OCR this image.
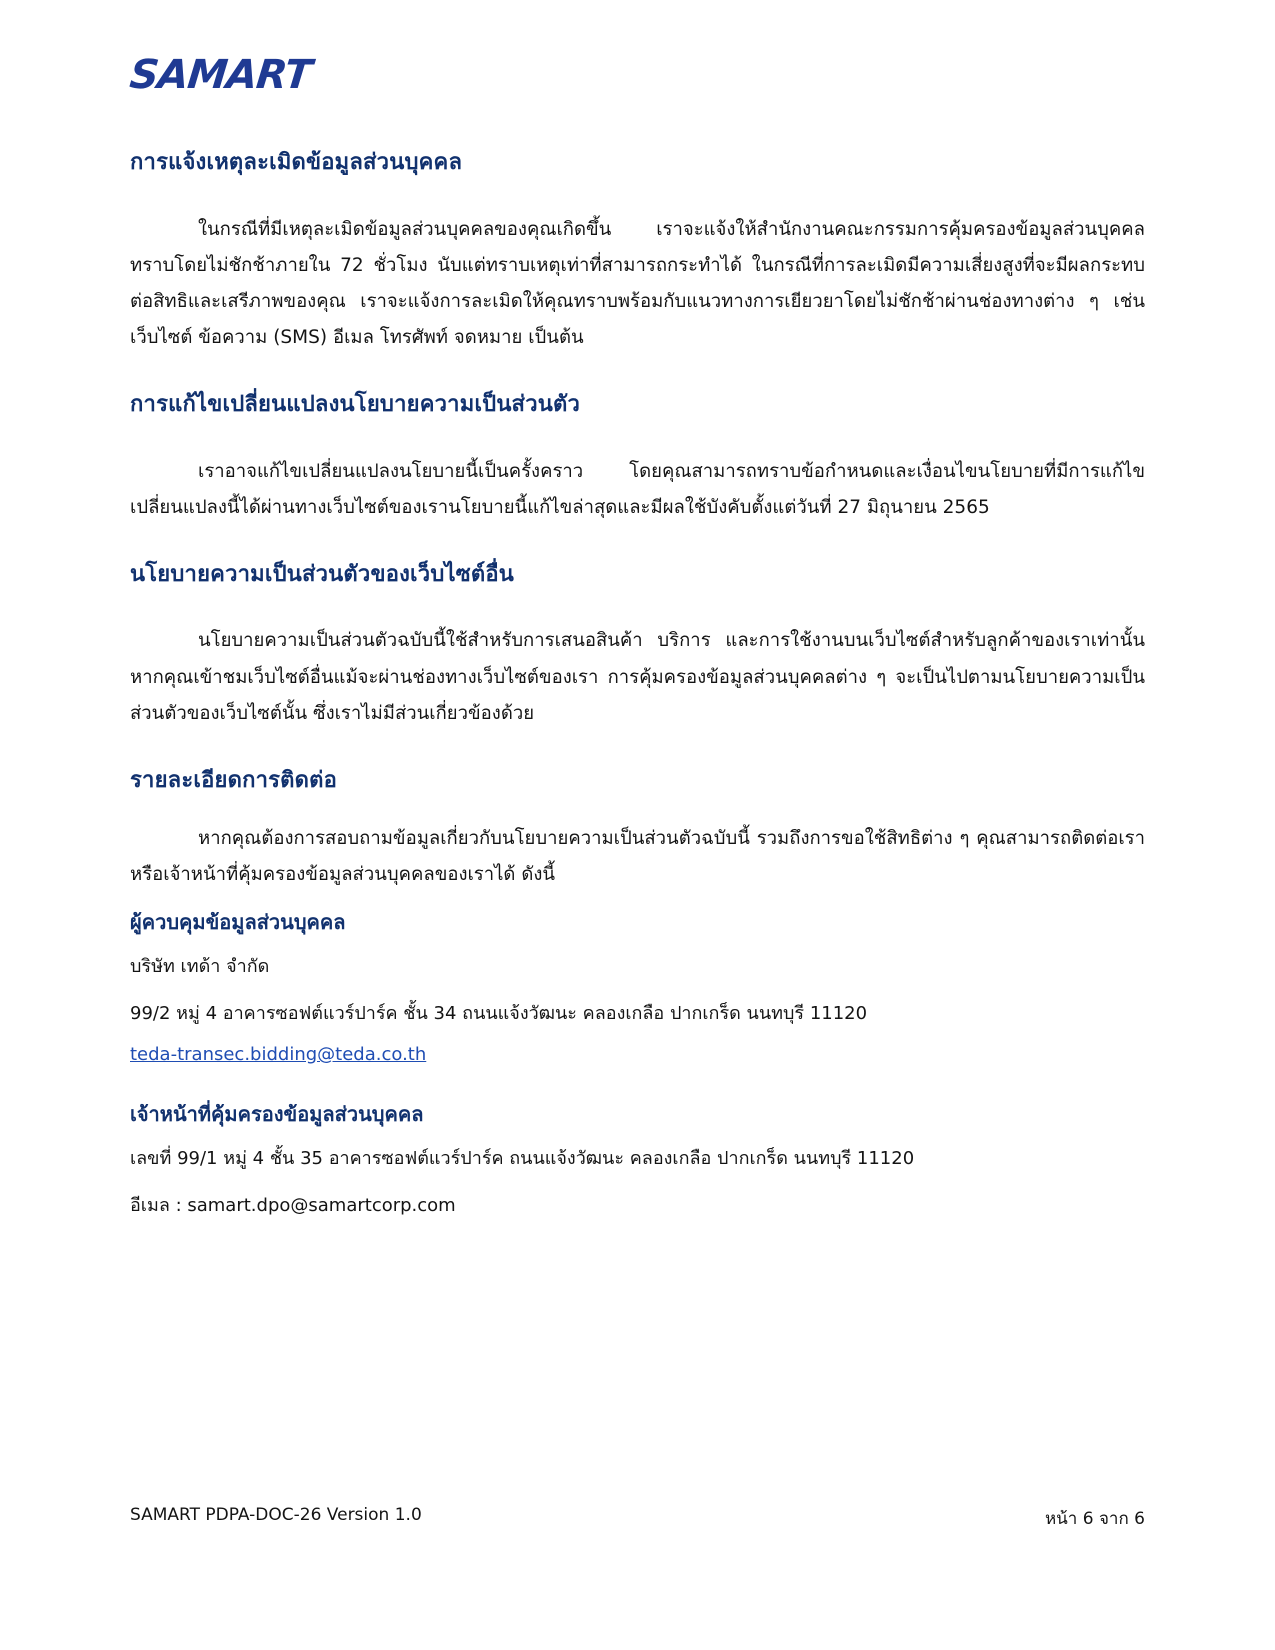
SAMART
การแจ้งเหตุละเมิดข้อมูลส่วนบุคคล

ในกรณีที่มีเหตุละเมิดข้อมูลส่วนบุคคลของคุณเกิดขึ้น เราจะแจ้งให้สำนักงานคณะกรรมการคุ้มครองข้อมูลส่วนบุคคลทราบโดยไม่ชักช้าภายใน 72 ชั่วโมง นับแต่ทราบเหตุเท่าที่สามารถกระทำได้ ในกรณีที่การละเมิดมีความเสี่ยงสูงที่จะมีผลกระทบต่อสิทธิและเสรีภาพของคุณ เราจะแจ้งการละเมิดให้คุณทราบพร้อมกับแนวทางการเยียวยาโดยไม่ชักช้าผ่านช่องทางต่าง ๆ เช่น เว็บไซต์ ข้อความ (SMS) อีเมล โทรศัพท์ จดหมาย เป็นต้น

การแก้ไขเปลี่ยนแปลงนโยบายความเป็นส่วนตัว

เราอาจแก้ไขเปลี่ยนแปลงนโยบายนี้เป็นครั้งคราว โดยคุณสามารถทราบข้อกำหนดและเงื่อนไขนโยบายที่มีการแก้ไขเปลี่ยนแปลงนี้ได้ผ่านทางเว็บไซต์ของเรานโยบายนี้แก้ไขล่าสุดและมีผลใช้บังคับตั้งแต่วันที่ 27 มิถุนายน 2565

นโยบายความเป็นส่วนตัวของเว็บไซต์อื่น

นโยบายความเป็นส่วนตัวฉบับนี้ใช้สำหรับการเสนอสินค้า บริการ และการใช้งานบนเว็บไซต์สำหรับลูกค้าของเราเท่านั้น หากคุณเข้าชมเว็บไซต์อื่นแม้จะผ่านช่องทางเว็บไซต์ของเรา การคุ้มครองข้อมูลส่วนบุคคลต่าง ๆ จะเป็นไปตามนโยบายความเป็นส่วนตัวของเว็บไซต์นั้น ซึ่งเราไม่มีส่วนเกี่ยวข้องด้วย

รายละเอียดการติดต่อ

หากคุณต้องการสอบถามข้อมูลเกี่ยวกับนโยบายความเป็นส่วนตัวฉบับนี้ รวมถึงการขอใช้สิทธิต่าง ๆ คุณสามารถติดต่อเราหรือเจ้าหน้าที่คุ้มครองข้อมูลส่วนบุคคลของเราได้ ดังนี้

ผู้ควบคุมข้อมูลส่วนบุคคล

บริษัท เทด้า จำกัด

99/2 หมู่ 4 อาคารซอฟต์แวร์ปาร์ค ชั้น 34 ถนนแจ้งวัฒนะ คลองเกลือ ปากเกร็ด นนทบุรี 11120

teda-transec.bidding@teda.co.th
เจ้าหน้าที่คุ้มครองข้อมูลส่วนบุคคล

เลขที่ 99/1 หมู่ 4 ชั้น 35 อาคารซอฟต์แวร์ปาร์ค ถนนแจ้งวัฒนะ คลองเกลือ ปากเกร็ด นนทบุรี 11120

อีเมล : samart.dpo@samartcorp.com

SAMART PDPA-DOC-26 Version 1.0	หน้า 6 จาก 6
